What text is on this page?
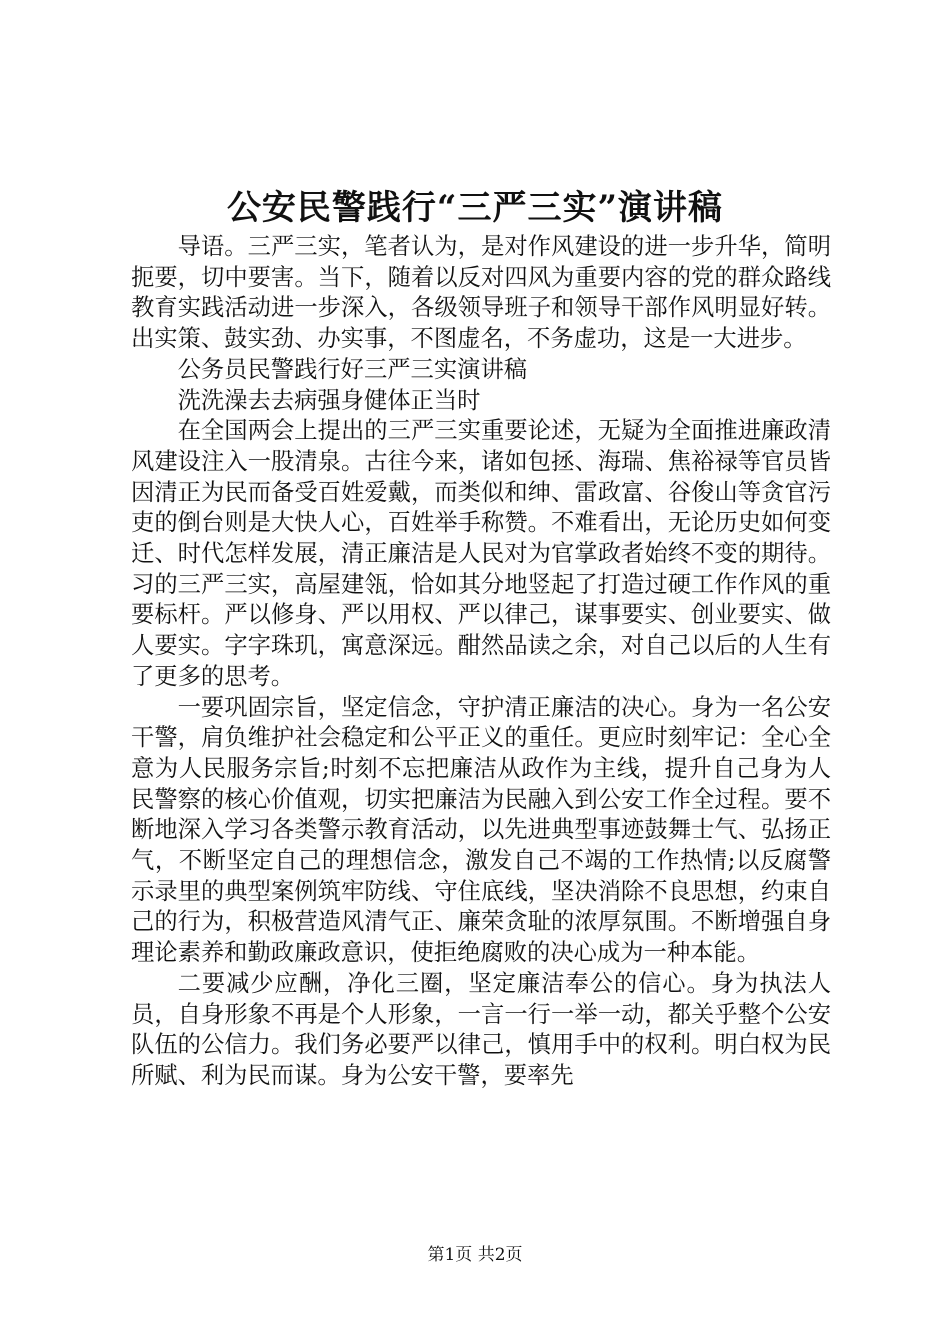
公安民警践行“三严三实”演讲稿

导语。三严三实，笔者认为，是对作风建设的进一步升华，简明扼要，切中要害。当下，随着以反对四风为重要内容的党的群众路线教育实践活动进一步深入，各级领导班子和领导干部作风明显好转。出实策、鼓实劲、办实事，不图虚名，不务虚功，这是一大进步。

公务员民警践行好三严三实演讲稿

洗洗澡去去病强身健体正当时

在全国两会上提出的三严三实重要论述，无疑为全面推进廉政清风建设注入一股清泉。古往今来，诸如包拯、海瑞、焦裕禄等官员皆因清正为民而备受百姓爱戴，而类似和绅、雷政富、谷俊山等贪官污吏的倒台则是大快人心，百姓举手称赞。不难看出，无论历史如何变迁、时代怎样发展，清正廉洁是人民对为官掌政者始终不变的期待。习的三严三实，高屋建瓴，恰如其分地竖起了打造过硬工作作风的重要标杆。严以修身、严以用权、严以律己，谋事要实、创业要实、做人要实。字字珠玑，寓意深远。酣然品读之余，对自己以后的人生有了更多的思考。

一要巩固宗旨，坚定信念，守护清正廉洁的决心。身为一名公安干警，肩负维护社会稳定和公平正义的重任。更应时刻牢记：全心全意为人民服务宗旨;时刻不忘把廉洁从政作为主线，提升自己身为人民警察的核心价值观，切实把廉洁为民融入到公安工作全过程。要不断地深入学习各类警示教育活动，以先进典型事迹鼓舞士气、弘扬正气，不断坚定自己的理想信念，激发自己不竭的工作热情;以反腐警示录里的典型案例筑牢防线、守住底线，坚决消除不良思想，约束自己的行为，积极营造风清气正、廉荣贪耻的浓厚氛围。不断增强自身理论素养和勤政廉政意识，使拒绝腐败的决心成为一种本能。

二要减少应酬，净化三圈，坚定廉洁奉公的信心。身为执法人员，自身形象不再是个人形象，一言一行一举一动，都关乎整个公安队伍的公信力。我们务必要严以律己，慎用手中的权利。明白权为民所赋、利为民而谋。身为公安干警，要率先

第1页 共2页
